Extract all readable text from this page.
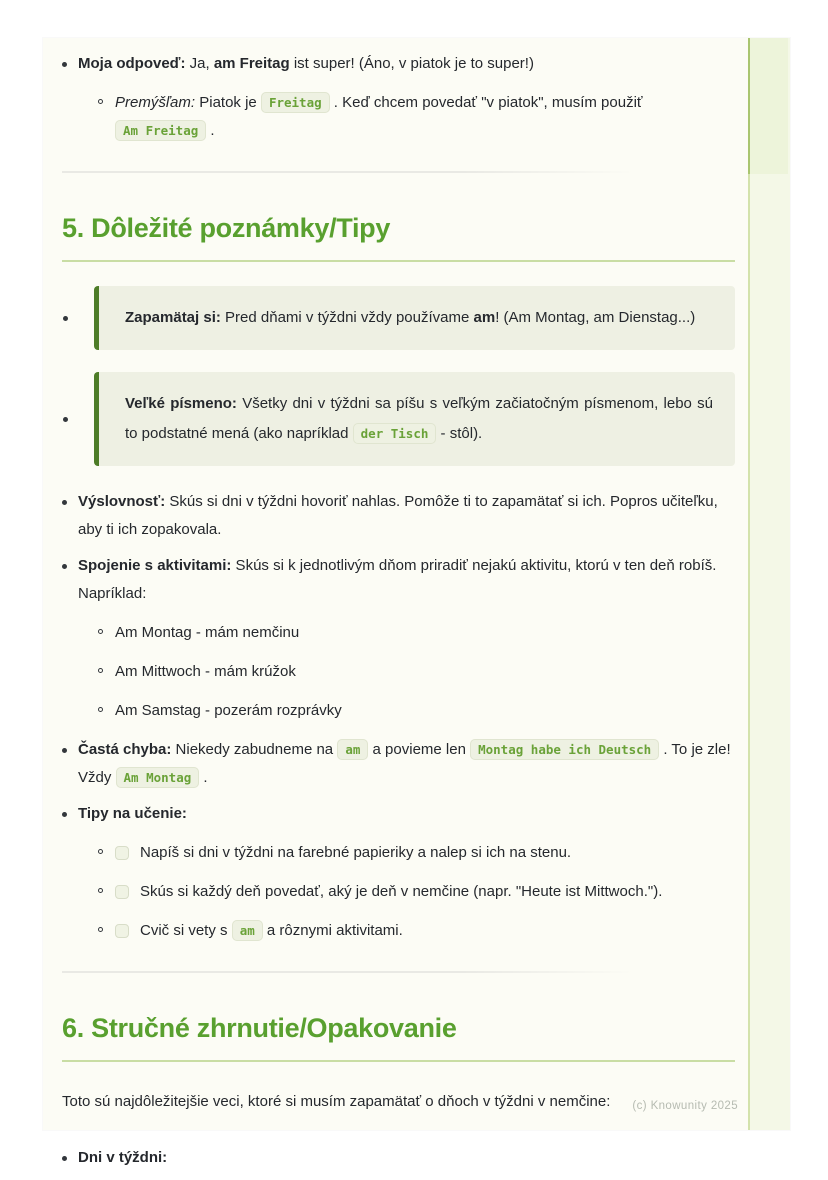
Moja odpoveď: Ja, am Freitag ist super! (Áno, v piatok je to super!)
Premýšľam: Piatok je Freitag . Keď chcem povedať "v piatok", musím použiť Am Freitag .
5. Dôležité poznámky/Tipy
Zapamätaj si: Pred dňami v týždni vždy používame am! (Am Montag, am Dienstag...)
Veľké písmeno: Všetky dni v týždni sa píšu s veľkým začiatočným písmenom, lebo sú to podstatné mená (ako napríklad der Tisch - stôl).
Výslovnosť: Skús si dni v týždni hovoriť nahlas. Pomôže ti to zapamätať si ich. Popros učiteľku, aby ti ich zopakovala.
Spojenie s aktivitami: Skús si k jednotlivým dňom priradiť nejakú aktivitu, ktorú v ten deň robíš. Napríklad:
Am Montag - mám nemčinu
Am Mittwoch - mám krúžok
Am Samstag - pozerám rozprávky
Častá chyba: Niekedy zabudneme na am a povieme len Montag habe ich Deutsch . To je zle! Vždy Am Montag .
Tipy na učenie:
Napíš si dni v týždni na farebné papieriky a nalep si ich na stenu.
Skús si každý deň povedať, aký je deň v nemčine (napr. "Heute ist Mittwoch.").
Cvič si vety s am a rôznymi aktivitami.
6. Stručné zhrnutie/Opakovanie

Toto sú najdôležitejšie veci, ktoré si musím zapamätať o dňoch v týždni v nemčine:

Dni v týždni:
(c) Knowunity 2025
